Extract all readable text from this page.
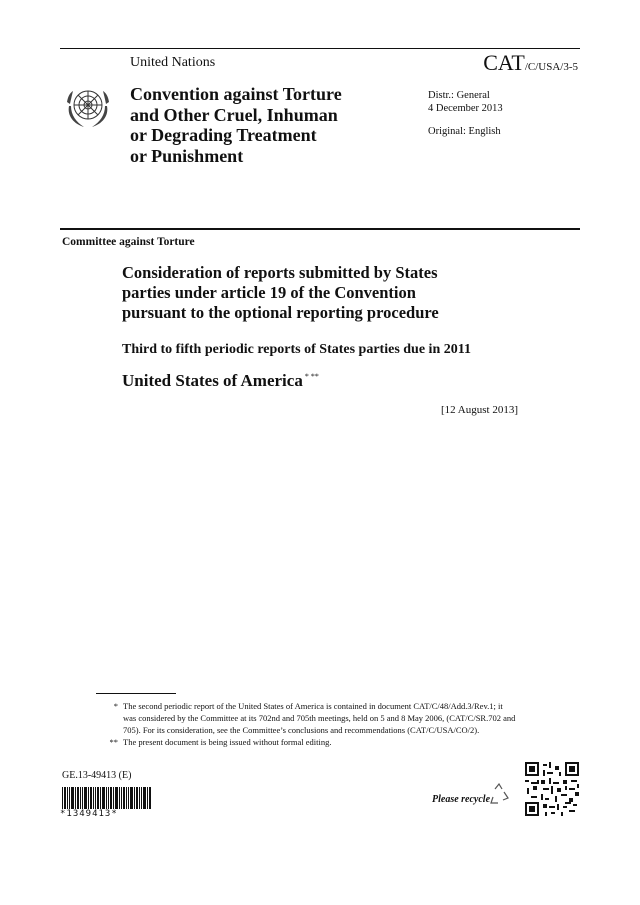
United Nations	CAT/C/USA/3-5
Convention against Torture
and Other Cruel, Inhuman
or Degrading Treatment
or Punishment
Distr.: General
4 December 2013
Original: English
Committee against Torture
Consideration of reports submitted by States
parties under article 19 of the Convention
pursuant to the optional reporting procedure
Third to fifth periodic reports of States parties due in 2011
United States of America * **
[12 August 2013]
* The second periodic report of the United States of America is contained in document CAT/C/48/Add.3/Rev.1; it was considered by the Committee at its 702nd and 705th meetings, held on 5 and 8 May 2006, (CAT/C/SR.702 and 705). For its consideration, see the Committee’s conclusions and recommendations (CAT/C/USA/CO/2).
** The present document is being issued without formal editing.
GE.13-49413 (E)
*1349413*
Please recycle
